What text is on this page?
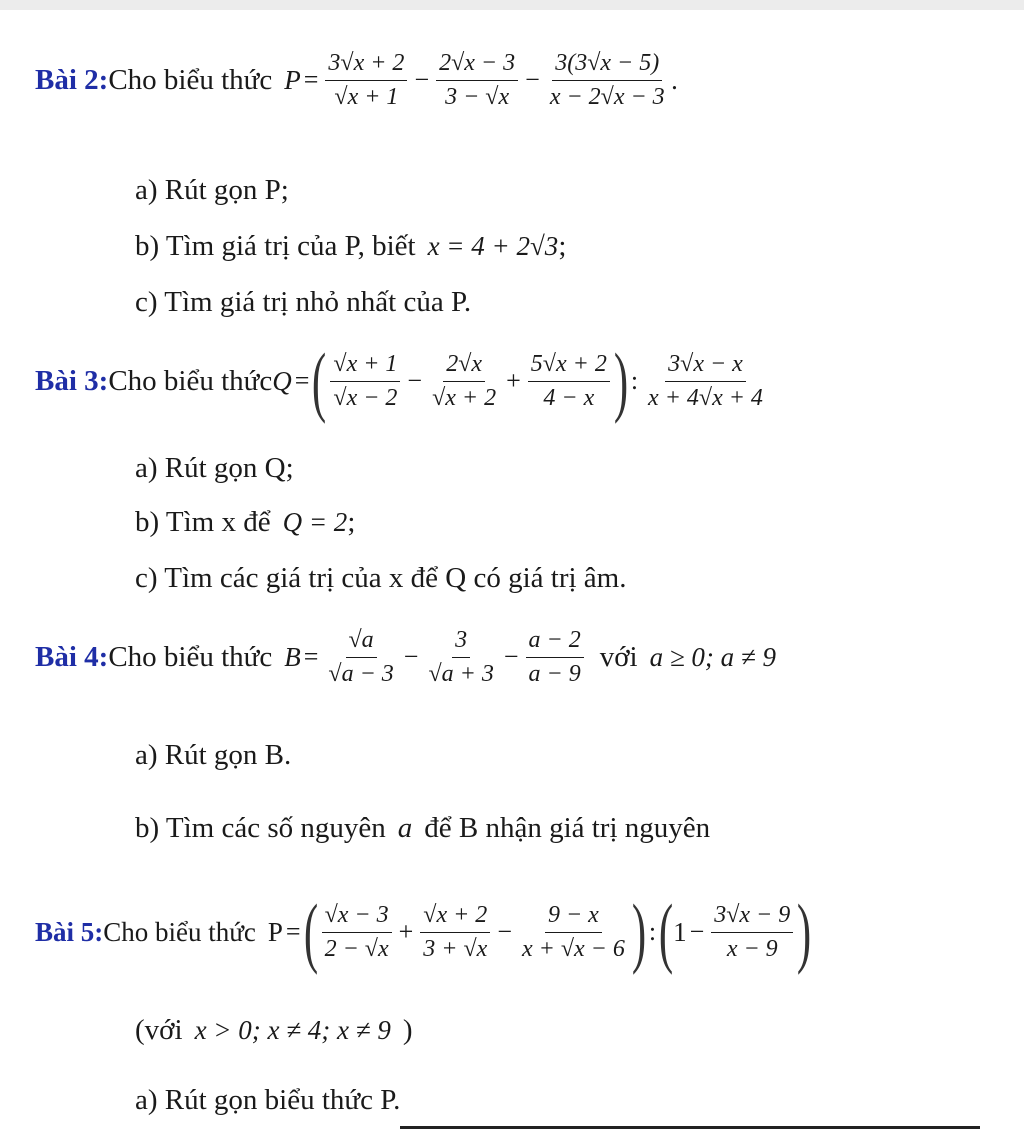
Bài 2: Cho biểu thức $P = \frac{3√x + 2}{√x + 1} - \frac{2√x - 3}{3 - √x} - \frac{3(3√x - 5)}{x - 2√x - 3}$ .
a) Rút gọn P;
b) Tìm giá trị của P, biết x = 4 + 2√3 ;
c) Tìm giá trị nhỏ nhất của P.
Bài 3: Cho biểu thức Q = ( $\frac{√x + 1}{√x - 2} - \frac{2√x}{√x + 2} + \frac{5√x + 2}{4 - x}$ ) : $\frac{3√x - x}{x + 4√x + 4}$
a) Rút gọn Q;
b) Tìm x để Q = 2 ;
c) Tìm các giá trị của x để Q có giá trị âm.
Bài 4: Cho biểu thức $B = \frac{√a}{√a - 3} - \frac{3}{√a + 3} - \frac{a - 2}{a - 9}$ với a ≥ 0; a ≠ 9
a) Rút gọn B.
b) Tìm các số nguyên a để B nhận giá trị nguyên
Bài 5: Cho biểu thức P = ( $\frac{√x - 3}{2 - √x} + \frac{√x + 2}{3 + √x} - \frac{9 - x}{x + √x - 6}$ ) : ( $1 - \frac{3√x - 9}{x - 9}$ )
(với x > 0; x ≠ 4; x ≠ 9 )
a) Rút gọn biểu thức P.
